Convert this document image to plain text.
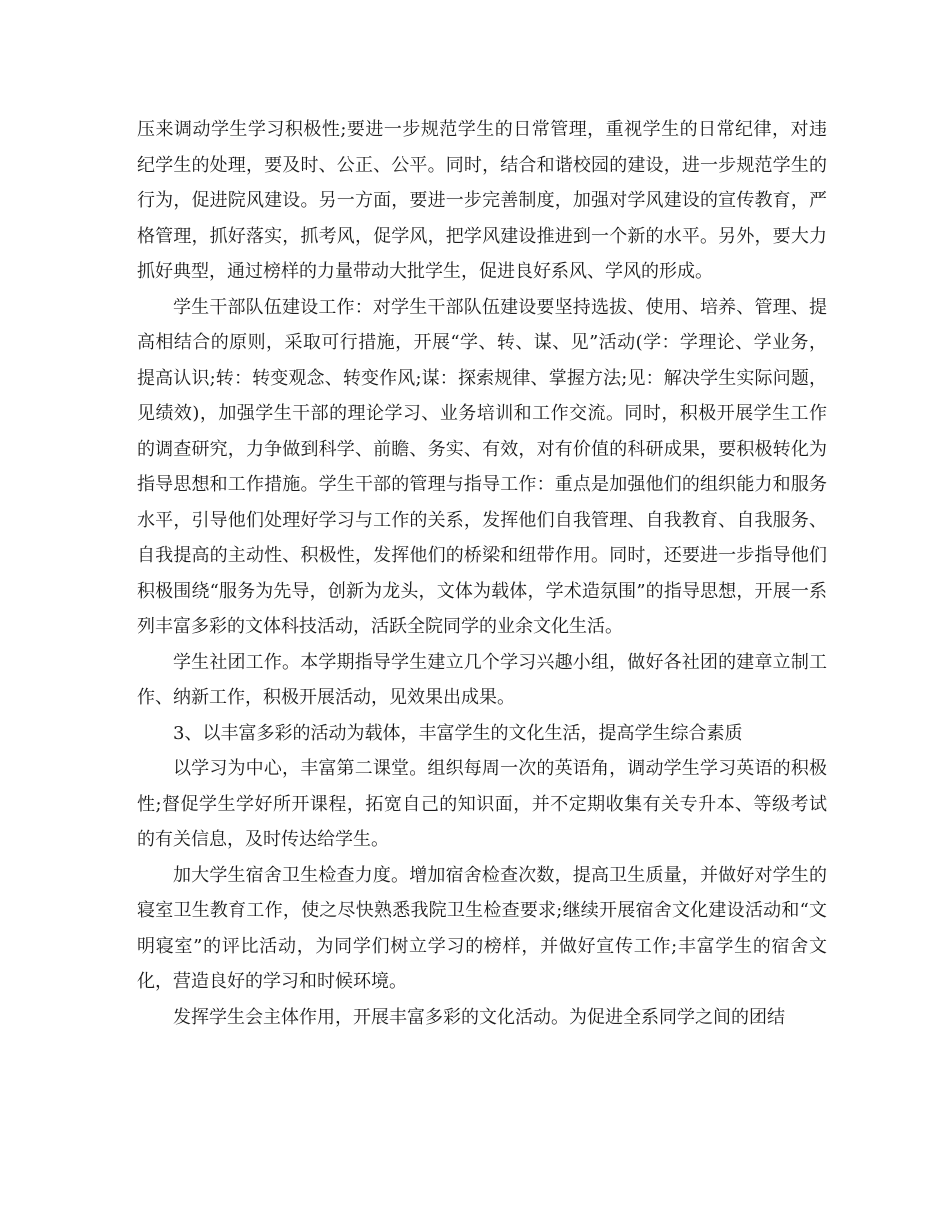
压来调动学生学习积极性;要进一步规范学生的日常管理，重视学生的日常纪律，对违纪学生的处理，要及时、公正、公平。同时，结合和谐校园的建设，进一步规范学生的行为，促进院风建设。另一方面，要进一步完善制度，加强对学风建设的宣传教育，严格管理，抓好落实，抓考风，促学风，把学风建设推进到一个新的水平。另外，要大力抓好典型，通过榜样的力量带动大批学生，促进良好系风、学风的形成。

学生干部队伍建设工作：对学生干部队伍建设要坚持选拔、使用、培养、管理、提高相结合的原则，采取可行措施，开展“学、转、谋、见”活动(学：学理论、学业务，提高认识;转：转变观念、转变作风;谋：探索规律、掌握方法;见：解决学生实际问题，见绩效)，加强学生干部的理论学习、业务培训和工作交流。同时，积极开展学生工作的调查研究，力争做到科学、前瞻、务实、有效，对有价值的科研成果，要积极转化为指导思想和工作措施。学生干部的管理与指导工作：重点是加强他们的组织能力和服务水平，引导他们处理好学习与工作的关系，发挥他们自我管理、自我教育、自我服务、自我提高的主动性、积极性，发挥他们的桥梁和纽带作用。同时，还要进一步指导他们积极围绕“服务为先导，创新为龙头，文体为载体，学术造氛围”的指导思想，开展一系列丰富多彩的文体科技活动，活跃全院同学的业余文化生活。

学生社团工作。本学期指导学生建立几个学习兴趣小组，做好各社团的建章立制工作、纳新工作，积极开展活动，见效果出成果。

3、以丰富多彩的活动为载体，丰富学生的文化生活，提高学生综合素质

以学习为中心，丰富第二课堂。组织每周一次的英语角，调动学生学习英语的积极性;督促学生学好所开课程，拓宽自己的知识面，并不定期收集有关专升本、等级考试的有关信息，及时传达给学生。

加大学生宿舍卫生检查力度。增加宿舍检查次数，提高卫生质量，并做好对学生的寝室卫生教育工作，使之尽快熟悉我院卫生检查要求;继续开展宿舍文化建设活动和“文明寝室”的评比活动，为同学们树立学习的榜样，并做好宣传工作;丰富学生的宿舍文化，营造良好的学习和时候环境。

发挥学生会主体作用，开展丰富多彩的文化活动。为促进全系同学之间的团结
